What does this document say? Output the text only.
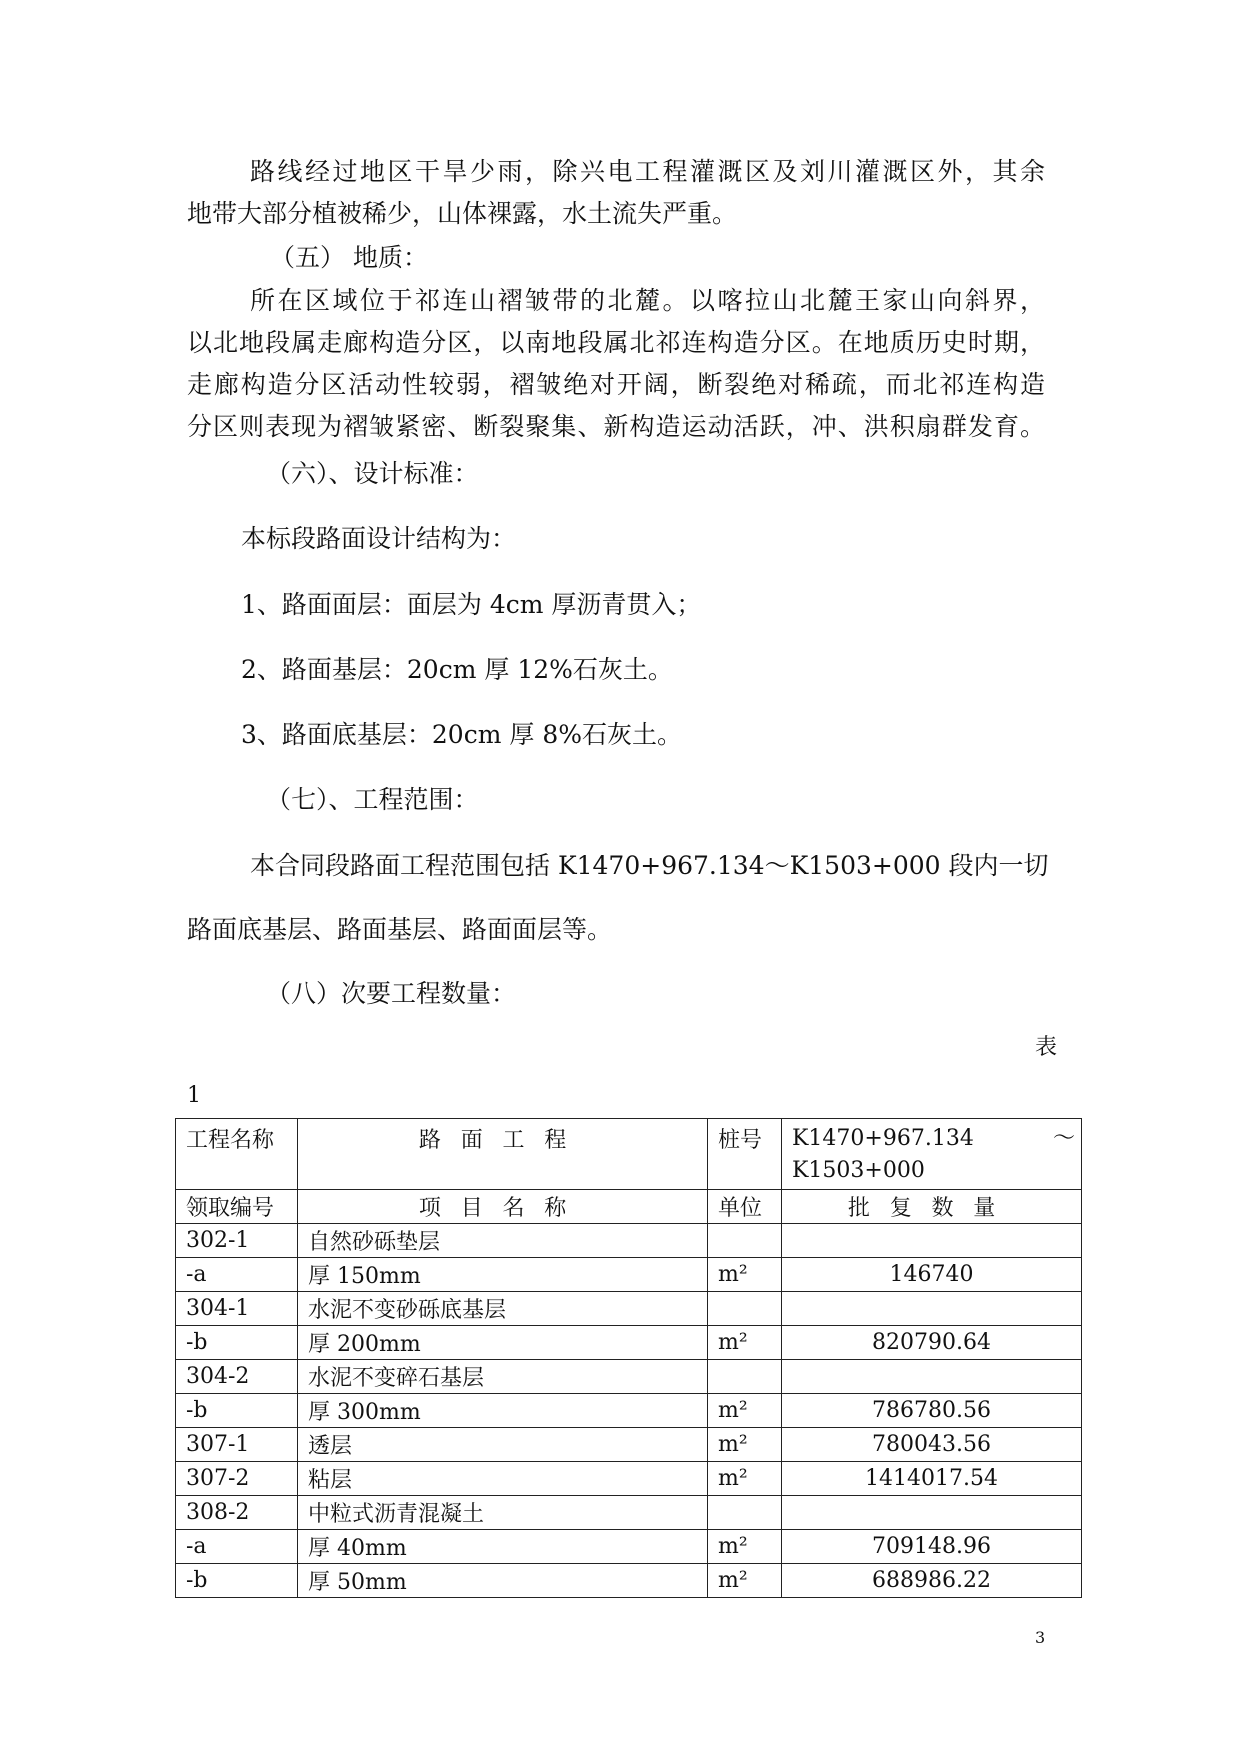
路线经过地区干旱少雨，除兴电工程灌溉区及刘川灌溉区外，其余
地带大部分植被稀少，山体裸露，水土流失严重。
（五） 地质：
所在区域位于祁连山褶皱带的北麓。以喀拉山北麓王家山向斜界，
以北地段属走廊构造分区，以南地段属北祁连构造分区。在地质历史时期，
走廊构造分区活动性较弱，褶皱绝对开阔，断裂绝对稀疏，而北祁连构造
分区则表现为褶皱紧密、断裂聚集、新构造运动活跃，冲、洪积扇群发育。
（六）、设计标准：
本标段路面设计结构为：
1、路面面层：面层为 4cm 厚沥青贯入；
2、路面基层：20cm 厚 12%石灰土。
3、路面底基层：20cm 厚 8%石灰土。
（七）、工程范围：
本合同段路面工程范围包括 K1470+967.134～K1503+000 段内一切
路面底基层、路面基层、路面面层等。
（八）次要工程数量：
表
1
工程名称	路面工程	桩号	K1470+967.134 ～
K1503+000

领取编号	项目名称	单位	批复数量
302-1	自然砂砾垫层		
-a	厚 150mm	m²	146740
304-1	水泥不变砂砾底基层		
-b	厚 200mm	m²	820790.64
304-2	水泥不变碎石基层		
-b	厚 300mm	m²	786780.56
307-1	透层	m²	780043.56
307-2	粘层	m²	1414017.54
308-2	中粒式沥青混凝土		
-a	厚 40mm	m²	709148.96
-b	厚 50mm	m²	688986.22
3
